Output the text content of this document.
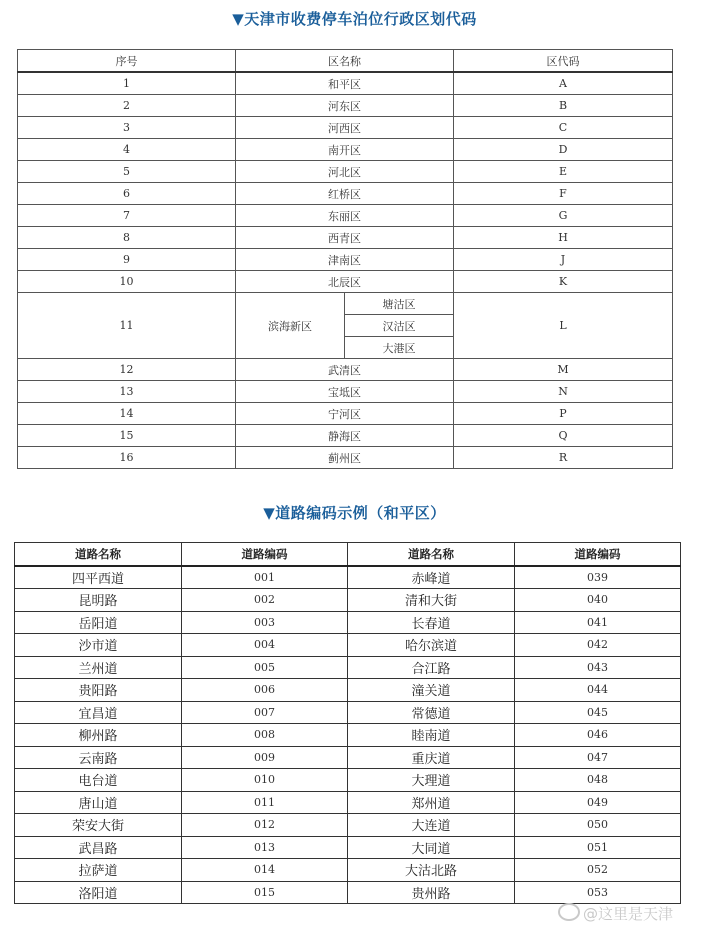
▼天津市收费停车泊位行政区划代码
序号	区名称		区代码
1	和平区		A
2	河东区		B
3	河西区		C
4	南开区		D
5	河北区		E
6	红桥区		F
7	东丽区		G
8	西青区		H
9	津南区		J
10	北辰区		K
11	滨海新区	塘沽区	L
		汉沽区	
		大港区	
12	武清区		M
13	宝坻区		N
14	宁河区		P
15	静海区		Q
16	蓟州区		R
▼道路编码示例（和平区）
道路名称	道路编码	道路名称	道路编码
四平西道	001	赤峰道	039
昆明路	002	清和大街	040
岳阳道	003	长春道	041
沙市道	004	哈尔滨道	042
兰州道	005	合江路	043
贵阳路	006	潼关道	044
宜昌道	007	常德道	045
柳州路	008	睦南道	046
云南路	009	重庆道	047
电台道	010	大理道	048
唐山道	011	郑州道	049
荣安大街	012	大连道	050
武昌路	013	大同道	051
拉萨道	014	大沽北路	052
洛阳道	015	贵州路	053
@这里是天津
